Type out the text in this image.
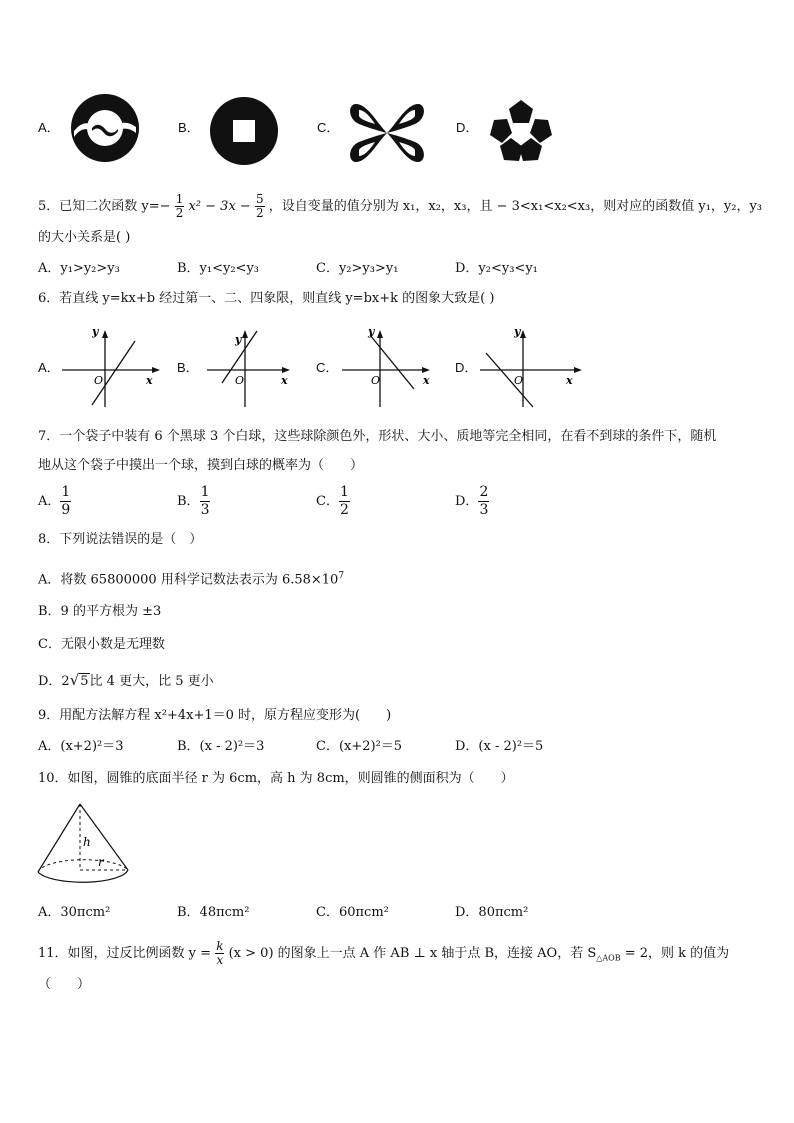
A．	B．	C．	D．
5．已知二次函数 $y=- \frac{1}{2} x^2 - 3x - \frac{5}{2}$ ，设自变量的值分别为 x₁，x₂，x₃，且 − 3<x₁<x₂<x₃，则对应的函数值 y₁，y₂，y₃
的大小关系是( )
A．y₁>y₂>y₃	B．y₁<y₂<y₃	C．y₂>y₃>y₁	D．y₂<y₃<y₁
6．若直线 y=kx+b 经过第一、二、四象限，则直线 y=bx+k 的图象大致是( )
A．
y
O	x
B．
y
O	x
C．
y
O	x
D．
y
O	x
7．一个袋子中装有 6 个黑球 3 个白球，这些球除颜色外，形状、大小、质地等完全相同，在看不到球的条件下，随机
地从这个袋子中摸出一个球，摸到白球的概率为（　　）
A． $\frac{1}{9}$	B． $\frac{1}{3}$	C． $\frac{1}{2}$	D． $\frac{2}{3}$
8．下列说法错误的是（　）
A．将数 65800000 用科学记数法表示为 $6.58\times 10^7$
B．9 的平方根为 ±3
C．无限小数是无理数
D．2√5比 4 更大，比 5 更小
9．用配方法解方程 x²+4x+1＝0 时，原方程应变形为(　　)
A．(x+2)²＝3	B．(x - 2)²＝3	C．(x+2)²＝5	D．(x - 2)²＝5
10．如图，圆锥的底面半径 r 为 6cm，高 h 为 8cm，则圆锥的侧面积为（　　）
h
r
A．30πcm²	B．48πcm²	C．60πcm²	D．80πcm²
11．如图，过反比例函数 $y = \frac{k}{x} (x > 0)$ 的图象上一点 A 作 AB ⊥ x 轴于点 B，连接 AO，若 $S_{\triangle AOB} = 2$，则 k 的值为
（　　）
